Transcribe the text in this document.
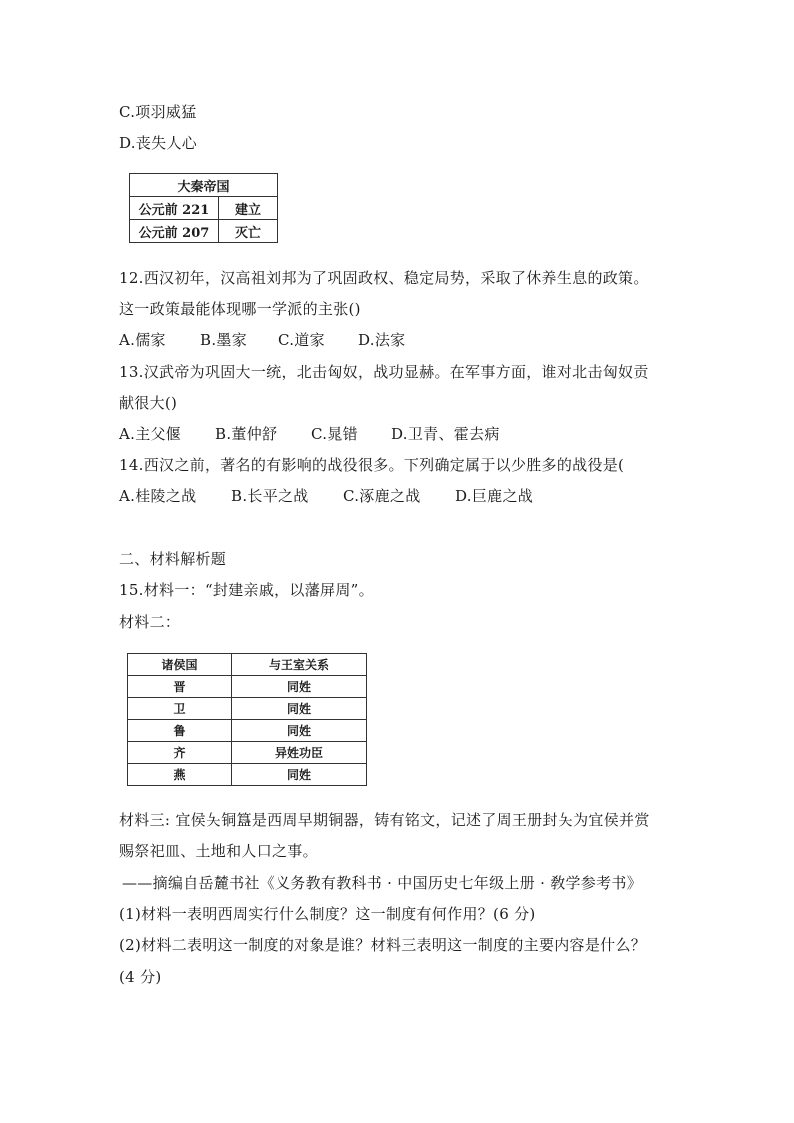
C.项羽威猛
D.丧失人心
大秦帝国	
公元前 221	建立
公元前 207	灭亡
12.西汉初年，汉高祖刘邦为了巩固政权、稳定局势，采取了休养生息的政策。
这一政策最能体现哪一学派的主张()
A.儒家 B.墨家 C.道家 D.法家
13.汉武帝为巩固大一统，北击匈奴，战功显赫。在军事方面，谁对北击匈奴贡
献很大()
A.主父偃 B.董仲舒 C.晁错 D.卫青、霍去病
14.西汉之前，著名的有影响的战役很多。下列确定属于以少胜多的战役是(
A.桂陵之战 B.长平之战 C.涿鹿之战 D.巨鹿之战
二、材料解析题
15.材料一：“封建亲戚，以藩屏周”。
材料二：
诸侯国	与王室关系
晋	同姓
卫	同姓
鲁	同姓
齐	异姓功臣
燕	同姓
材料三: 宜侯夨铜簋是西周早期铜器，铸有铭文，记述了周王册封夨为宜侯并赏
赐祭祀皿、土地和人口之事。
——摘编自岳麓书社《义务教有教科书 · 中国历史七年级上册 · 敎学参考书》
(1)材料一表明西周实行什么制度？这一制度有何作用？(6 分)
(2)材料二表明这一制度的对象是谁？材料三表明这一制度的主要内容是什么？
(4 分)
